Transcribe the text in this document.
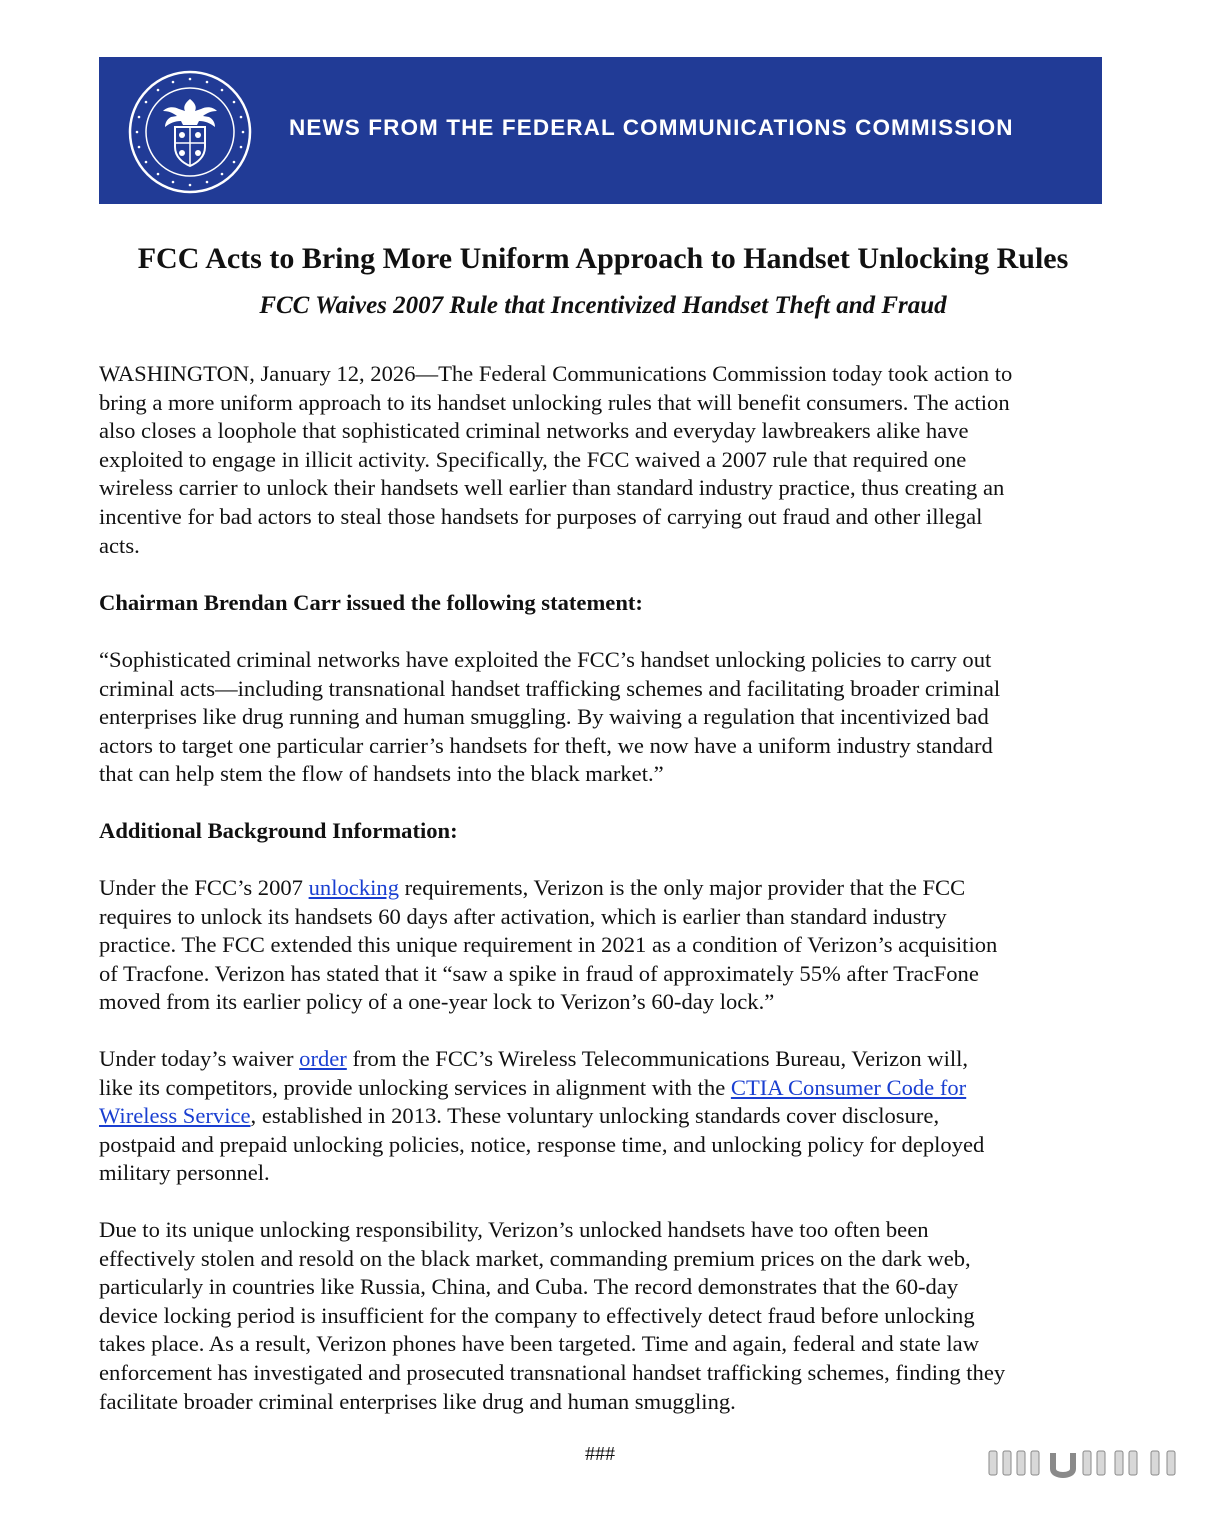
NEWS FROM THE FEDERAL COMMUNICATIONS COMMISSION
FCC Acts to Bring More Uniform Approach to Handset Unlocking Rules
FCC Waives 2007 Rule that Incentivized Handset Theft and Fraud
WASHINGTON, January 12, 2026—The Federal Communications Commission today took action to
bring a more uniform approach to its handset unlocking rules that will benefit consumers. The action
also closes a loophole that sophisticated criminal networks and everyday lawbreakers alike have
exploited to engage in illicit activity. Specifically, the FCC waived a 2007 rule that required one
wireless carrier to unlock their handsets well earlier than standard industry practice, thus creating an
incentive for bad actors to steal those handsets for purposes of carrying out fraud and other illegal
acts.
Chairman Brendan Carr issued the following statement:
“Sophisticated criminal networks have exploited the FCC’s handset unlocking policies to carry out
criminal acts—including transnational handset trafficking schemes and facilitating broader criminal
enterprises like drug running and human smuggling. By waiving a regulation that incentivized bad
actors to target one particular carrier’s handsets for theft, we now have a uniform industry standard
that can help stem the flow of handsets into the black market.”
Additional Background Information:
Under the FCC’s 2007 unlocking requirements, Verizon is the only major provider that the FCC
requires to unlock its handsets 60 days after activation, which is earlier than standard industry
practice. The FCC extended this unique requirement in 2021 as a condition of Verizon’s acquisition
of Tracfone. Verizon has stated that it “saw a spike in fraud of approximately 55% after TracFone
moved from its earlier policy of a one-year lock to Verizon’s 60-day lock.”
Under today’s waiver order from the FCC’s Wireless Telecommunications Bureau, Verizon will,
like its competitors, provide unlocking services in alignment with the CTIA Consumer Code for
Wireless Service, established in 2013. These voluntary unlocking standards cover disclosure,
postpaid and prepaid unlocking policies, notice, response time, and unlocking policy for deployed
military personnel.
Due to its unique unlocking responsibility, Verizon’s unlocked handsets have too often been
effectively stolen and resold on the black market, commanding premium prices on the dark web,
particularly in countries like Russia, China, and Cuba. The record demonstrates that the 60-day
device locking period is insufficient for the company to effectively detect fraud before unlocking
takes place. As a result, Verizon phones have been targeted. Time and again, federal and state law
enforcement has investigated and prosecuted transnational handset trafficking schemes, finding they
facilitate broader criminal enterprises like drug and human smuggling.
###
